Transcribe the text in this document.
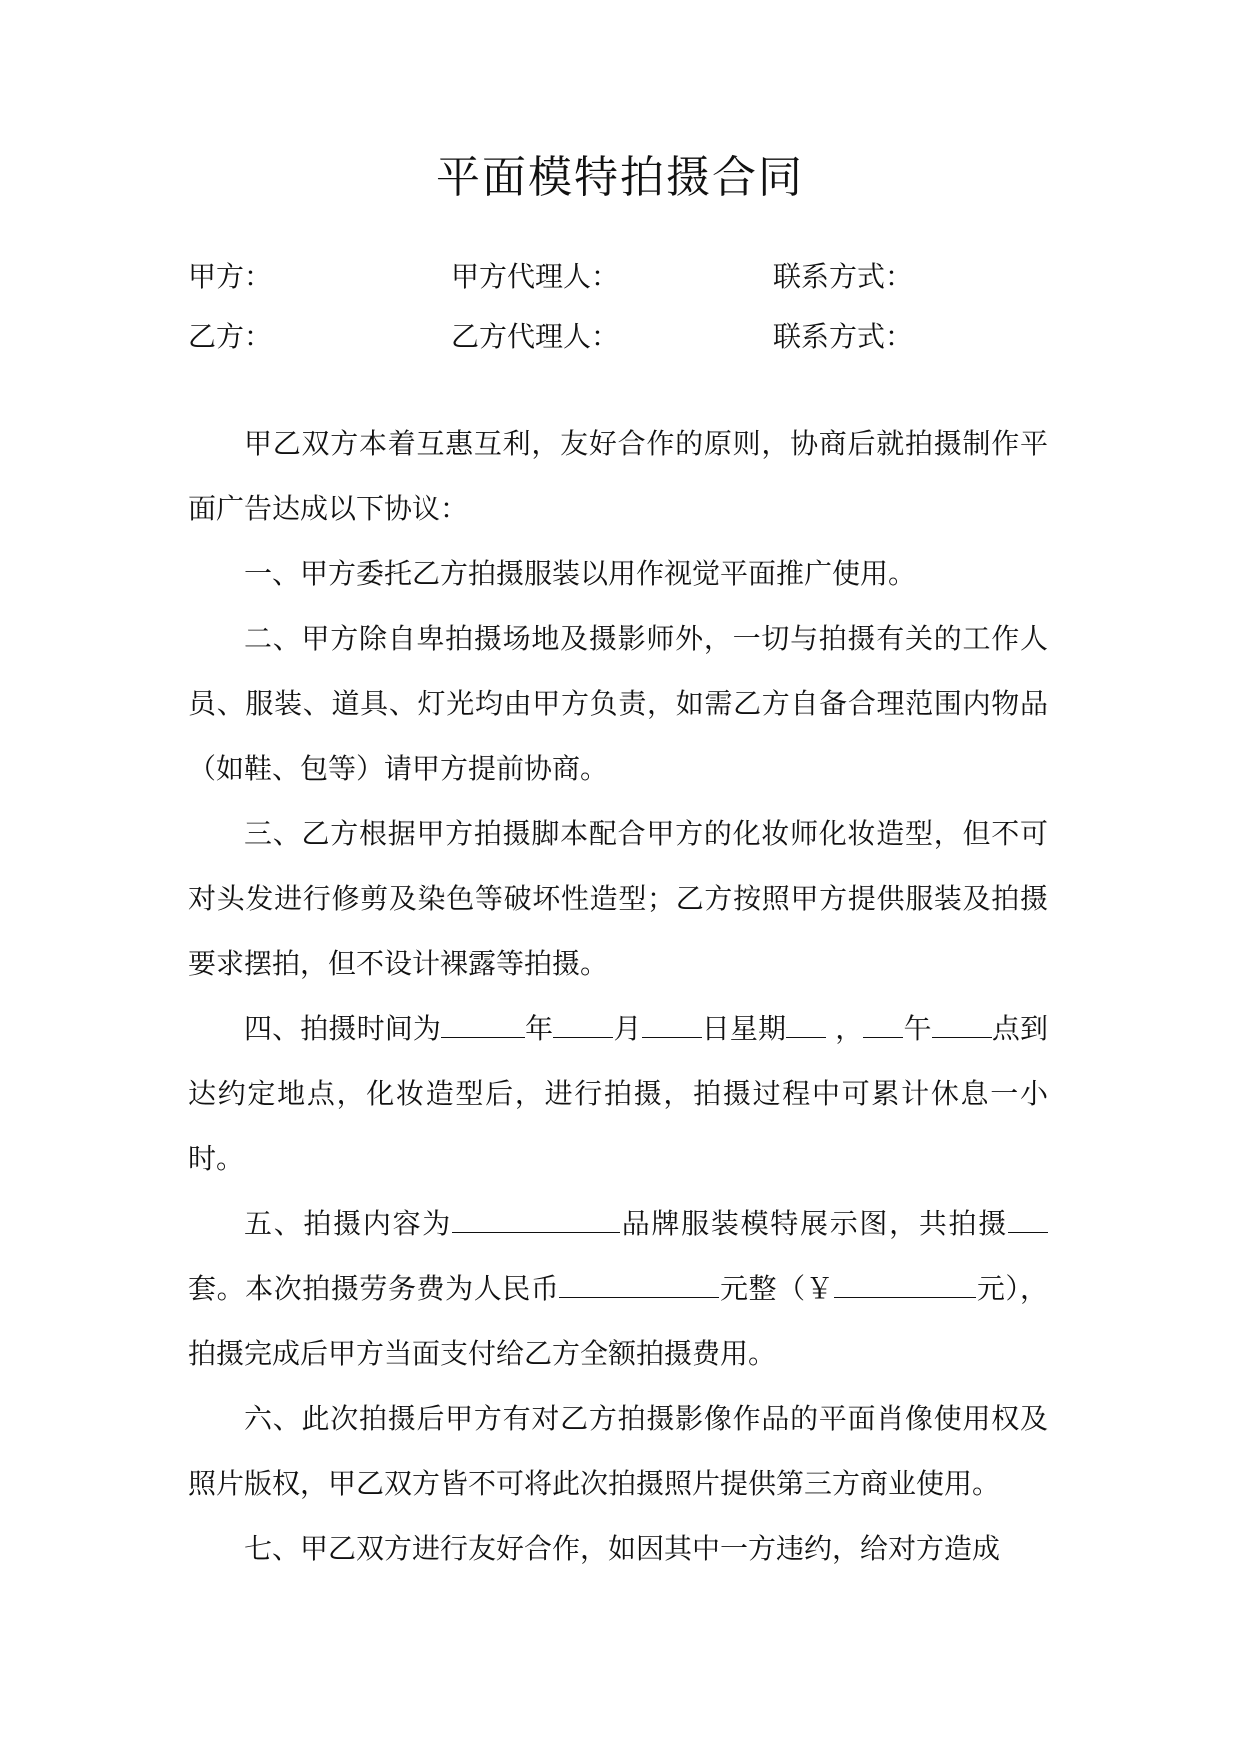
平面模特拍摄合同
甲方：	甲方代理人：	联系方式：
乙方：	乙方代理人：	联系方式：

甲乙双方本着互惠互利，友好合作的原则，协商后就拍摄制作平面广告达成以下协议：

一、甲方委托乙方拍摄服装以用作视觉平面推广使用。

二、甲方除自卑拍摄场地及摄影师外，一切与拍摄有关的工作人员、服装、道具、灯光均由甲方负责，如需乙方自备合理范围内物品（如鞋、包等）请甲方提前协商。

三、乙方根据甲方拍摄脚本配合甲方的化妆师化妆造型，但不可对头发进行修剪及染色等破坏性造型；乙方按照甲方提供服装及拍摄要求摆拍，但不设计裸露等拍摄。

四、拍摄时间为	年 月 日星期 ， 午 点到达约定地点，化妆造型后，进行拍摄，拍摄过程中可累计休息一小时。

五、拍摄内容为	品牌服装模特展示图，共拍摄套。本次拍摄劳务费为人民币	元整（￥	元），拍摄完成后甲方当面支付给乙方全额拍摄费用。

六、此次拍摄后甲方有对乙方拍摄影像作品的平面肖像使用权及照片版权，甲乙双方皆不可将此次拍摄照片提供第三方商业使用。

七、甲乙双方进行友好合作，如因其中一方违约，给对方造成
